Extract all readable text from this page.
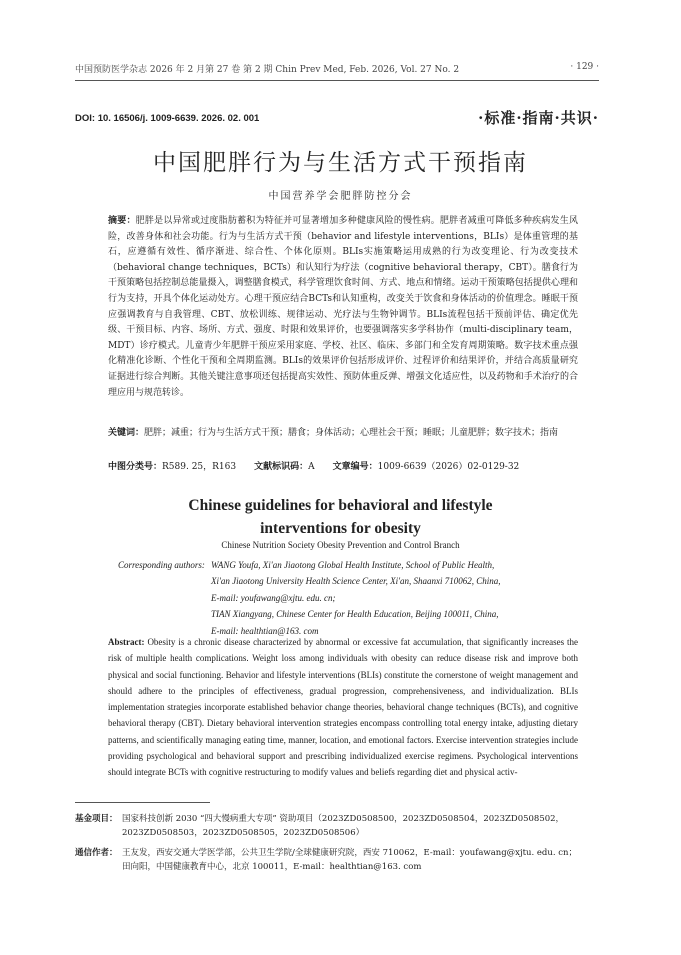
中国预防医学杂志 2026 年 2 月第 27 卷 第 2 期 Chin Prev Med, Feb. 2026, Vol. 27 No. 2	· 129 ·
DOI: 10. 16506/j. 1009-6639. 2026. 02. 001	·标准·指南·共识·
中国肥胖行为与生活方式干预指南
中国营养学会肥胖防控分会
摘要：肥胖是以异常或过度脂肪蓄积为特征并可显著增加多种健康风险的慢性病。肥胖者减重可降低多种疾病发生风险，改善身体和社会功能。行为与生活方式干预（behavior and lifestyle interventions，BLIs）是体重管理的基石，应遵循有效性、循序渐进、综合性、个体化原则。BLIs实施策略运用成熟的行为改变理论、行为改变技术（behavioral change techniques，BCTs）和认知行为疗法（cognitive behavioral therapy，CBT）。膳食行为干预策略包括控制总能量摄入，调整膳食模式，科学管理饮食时间、方式、地点和情绪。运动干预策略包括提供心理和行为支持，开具个体化运动处方。心理干预应结合BCTs和认知重构，改变关于饮食和身体活动的价值理念。睡眠干预应强调教育与自我管理、CBT、放松训练、规律运动、光疗法与生物钟调节。BLIs流程包括干预前评估、确定优先级、干预目标、内容、场所、方式、强度、时限和效果评价，也要强调落实多学科协作（multi-disciplinary team，MDT）诊疗模式。儿童青少年肥胖干预应采用家庭、学校、社区、临床、多部门和全发育周期策略。数字技术重点强化精准化诊断、个性化干预和全周期监测。BLIs的效果评价包括形成评价、过程评价和结果评价，并结合高质量研究证据进行综合判断。其他关键注意事项还包括提高实效性、预防体重反弹、增强文化适应性，以及药物和手术治疗的合理应用与规范转诊。
关键词：肥胖；减重；行为与生活方式干预；膳食；身体活动；心理社会干预；睡眠；儿童肥胖；数字技术；指南
中图分类号：R589. 25，R163 文献标识码：A 文章编号：1009-6639（2026）02-0129-32
Chinese guidelines for behavioral and lifestyle
interventions for obesity
Chinese Nutrition Society Obesity Prevention and Control Branch
Corresponding authors: WANG Youfa, Xi'an Jiaotong Global Health Institute, School of Public Health,
Xi'an Jiaotong University Health Science Center, Xi'an, Shaanxi 710062, China,
E-mail: youfawang@xjtu. edu. cn;
TIAN Xiangyang, Chinese Center for Health Education, Beijing 100011, China,
E-mail: healthtian@163. com
Abstract: Obesity is a chronic disease characterized by abnormal or excessive fat accumulation, that significantly increases the risk of multiple health complications. Weight loss among individuals with obesity can reduce disease risk and improve both physical and social functioning. Behavior and lifestyle interventions (BLIs) constitute the cornerstone of weight management and should adhere to the principles of effectiveness, gradual progression, comprehensiveness, and individualization. BLIs implementation strategies incorporate established behavior change theories, behavioral change techniques (BCTs), and cognitive behavioral therapy (CBT). Dietary behavioral intervention strategies encompass controlling total energy intake, adjusting dietary patterns, and scientifically managing eating time, manner, location, and emotional factors. Exercise intervention strategies include providing psychological and behavioral support and prescribing individualized exercise regimens. Psychological interventions should integrate BCTs with cognitive restructuring to modify values and beliefs regarding diet and physical activ-
基金项目： 国家科技创新 2030 “四大慢病重大专项” 资助项目（2023ZD0508500，2023ZD0508504，2023ZD0508502，2023ZD0508503，2023ZD0508505，2023ZD0508506）
通信作者： 王友发，西安交通大学医学部，公共卫生学院/全球健康研究院，西安 710062，E-mail：youfawang@xjtu. edu. cn；
田向阳，中国健康教育中心，北京 100011，E-mail：healthtian@163. com
